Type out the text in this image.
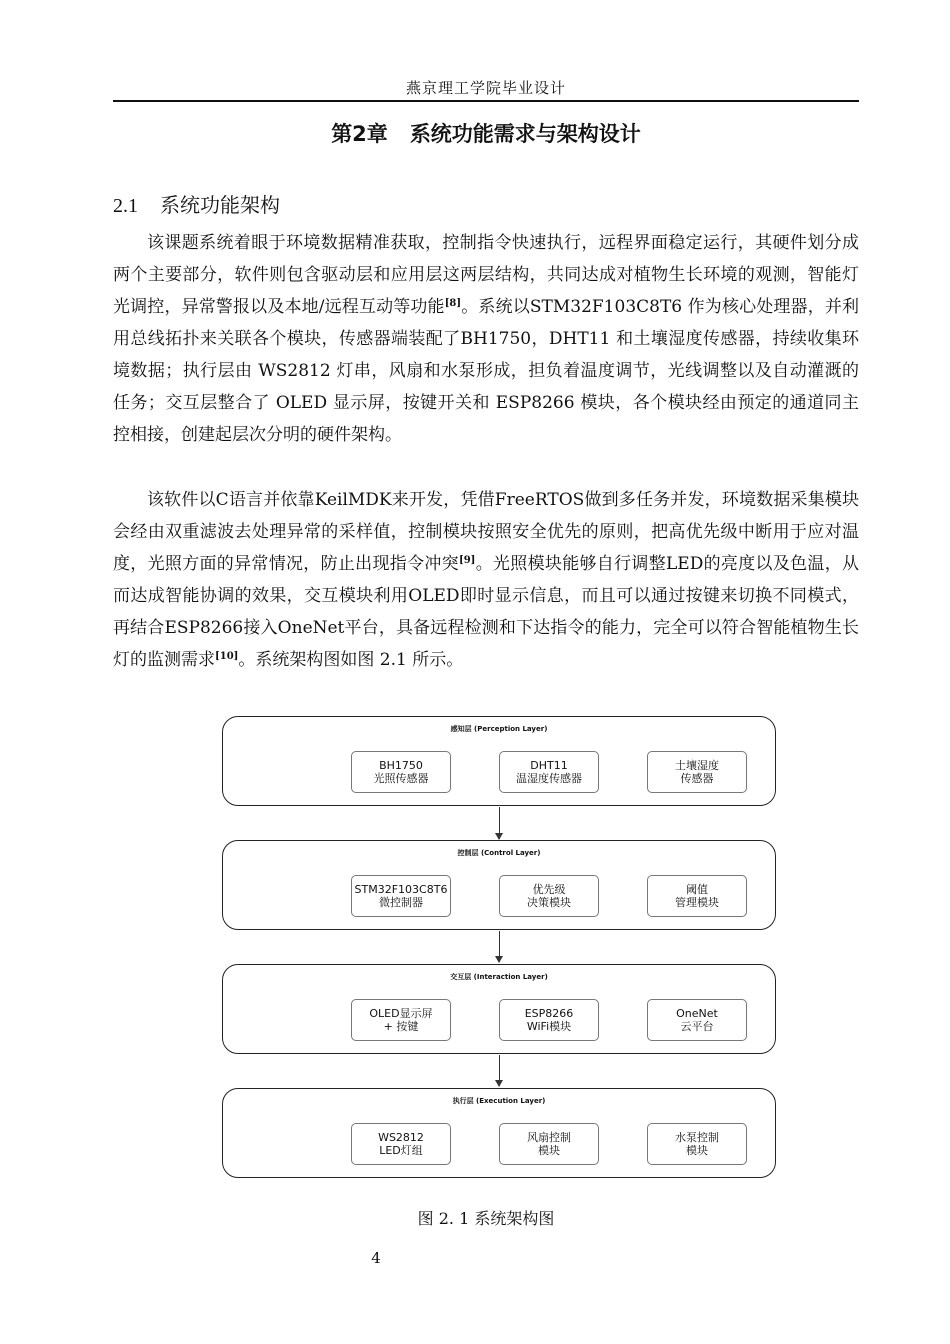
燕京理工学院毕业设计
第2章 系统功能需求与架构设计
2.1 系统功能架构

该课题系统着眼于环境数据精准获取，控制指令快速执行，远程界面稳定运行，其硬件划分成两个主要部分，软件则包含驱动层和应用层这两层结构，共同达成对植物生长环境的观测，智能灯光调控，异常警报以及本地/远程互动等功能[8]。系统以STM32F103C8T6 作为核心处理器，并利用总线拓扑来关联各个模块，传感器端装配了BH1750，DHT11 和土壤湿度传感器，持续收集环境数据；执行层由 WS2812 灯串，风扇和水泵形成，担负着温度调节，光线调整以及自动灌溉的任务；交互层整合了 OLED 显示屏，按键开关和 ESP8266 模块，各个模块经由预定的通道同主控相接，创建起层次分明的硬件架构。

该软件以C语言并依靠KeilMDK来开发，凭借FreeRTOS做到多任务并发，环境数据采集模块会经由双重滤波去处理异常的采样值，控制模块按照安全优先的原则，把高优先级中断用于应对温度，光照方面的异常情况，防止出现指令冲突[9]。光照模块能够自行调整LED的亮度以及色温，从而达成智能协调的效果，交互模块利用OLED即时显示信息，而且可以通过按键来切换不同模式，再结合ESP8266接入OneNet平台，具备远程检测和下达指令的能力，完全可以符合智能植物生长灯的监测需求[10]。系统架构图如图 2.1 所示。

感知层 (Perception Layer)
BH1750
光照传感器
DHT11
温湿度传感器
土壤湿度
传感器
控制层 (Control Layer)
STM32F103C8T6
微控制器
优先级
决策模块
阈值
管理模块
交互层 (Interaction Layer)
OLED显示屏
+ 按键
ESP8266
WiFi模块
OneNet
云平台
执行层 (Execution Layer)
WS2812
LED灯组
风扇控制
模块
水泵控制
模块
图 2. 1 系统架构图
4
